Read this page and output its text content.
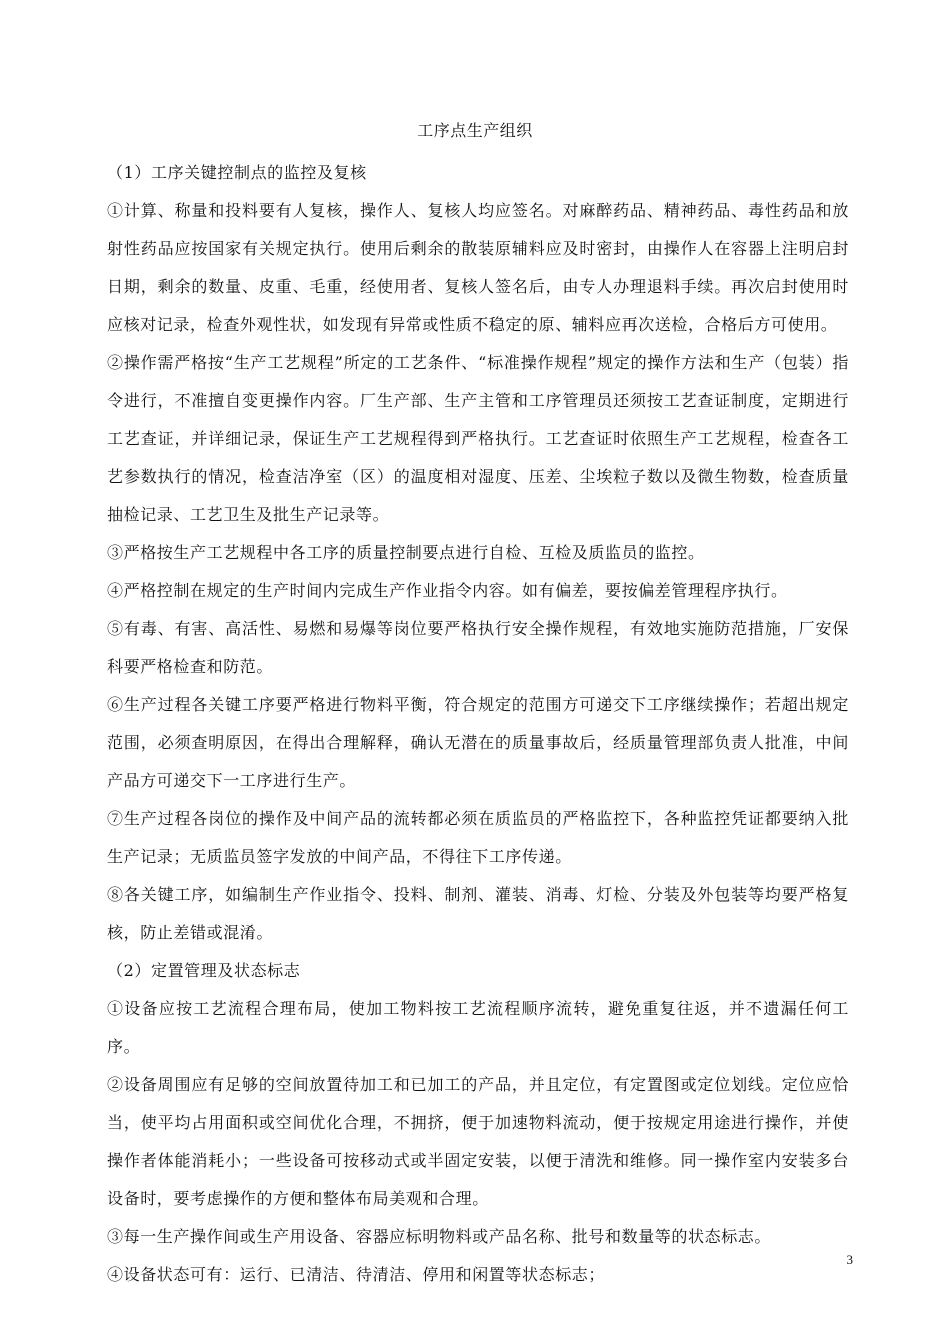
工序点生产组织

（1）工序关键控制点的监控及复核

①计算、称量和投料要有人复核，操作人、复核人均应签名。对麻醉药品、精神药品、毒性药品和放射性药品应按国家有关规定执行。使用后剩余的散装原辅料应及时密封，由操作人在容器上注明启封日期，剩余的数量、皮重、毛重，经使用者、复核人签名后，由专人办理退料手续。再次启封使用时应核对记录，检查外观性状，如发现有异常或性质不稳定的原、辅料应再次送检，合格后方可使用。

②操作需严格按“生产工艺规程”所定的工艺条件、“标准操作规程”规定的操作方法和生产（包装）指令进行，不准擅自变更操作内容。厂生产部、生产主管和工序管理员还须按工艺查证制度，定期进行工艺查证，并详细记录，保证生产工艺规程得到严格执行。工艺查证时依照生产工艺规程，检查各工艺参数执行的情况，检查洁净室（区）的温度相对湿度、压差、尘埃粒子数以及微生物数，检查质量抽检记录、工艺卫生及批生产记录等。

③严格按生产工艺规程中各工序的质量控制要点进行自检、互检及质监员的监控。

④严格控制在规定的生产时间内完成生产作业指令内容。如有偏差，要按偏差管理程序执行。

⑤有毒、有害、高活性、易燃和易爆等岗位要严格执行安全操作规程，有效地实施防范措施，厂安保科要严格检查和防范。

⑥生产过程各关键工序要严格进行物料平衡，符合规定的范围方可递交下工序继续操作；若超出规定范围，必须查明原因，在得出合理解释，确认无潜在的质量事故后，经质量管理部负责人批准，中间产品方可递交下一工序进行生产。

⑦生产过程各岗位的操作及中间产品的流转都必须在质监员的严格监控下，各种监控凭证都要纳入批生产记录；无质监员签字发放的中间产品，不得往下工序传递。

⑧各关键工序，如编制生产作业指令、投料、制剂、灌装、消毒、灯检、分装及外包装等均要严格复核，防止差错或混淆。

（2）定置管理及状态标志

①设备应按工艺流程合理布局，使加工物料按工艺流程顺序流转，避免重复往返，并不遗漏任何工序。

②设备周围应有足够的空间放置待加工和已加工的产品，并且定位，有定置图或定位划线。定位应恰当，使平均占用面积或空间优化合理，不拥挤，便于加速物料流动，便于按规定用途进行操作，并使操作者体能消耗小；一些设备可按移动式或半固定安装，以便于清洗和维修。同一操作室内安装多台设备时，要考虑操作的方便和整体布局美观和合理。

③每一生产操作间或生产用设备、容器应标明物料或产品名称、批号和数量等的状态标志。

④设备状态可有：运行、已清洁、待清洁、停用和闲置等状态标志；

3
